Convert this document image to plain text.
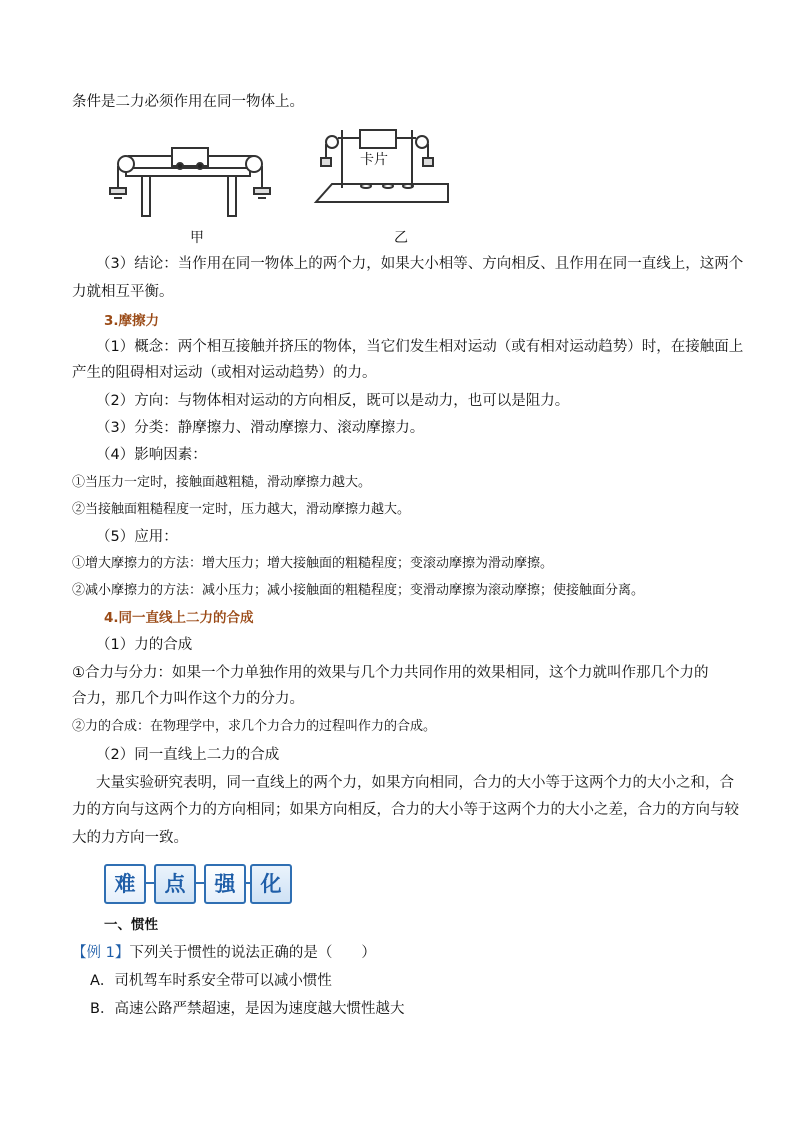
条件是二力必须作用在同一物体上。
卡片
甲	乙
（3）结论：当作用在同一物体上的两个力，如果大小相等、方向相反、且作用在同一直线上，这两个
力就相互平衡。
3.摩擦力
（1）概念：两个相互接触并挤压的物体，当它们发生相对运动（或有相对运动趋势）时，在接触面上
产生的阻碍相对运动（或相对运动趋势）的力。
（2）方向：与物体相对运动的方向相反，既可以是动力，也可以是阻力。
（3）分类：静摩擦力、滑动摩擦力、滚动摩擦力。
（4）影响因素：
①当压力一定时，接触面越粗糙，滑动摩擦力越大。
②当接触面粗糙程度一定时，压力越大，滑动摩擦力越大。
（5）应用：
①增大摩擦力的方法：增大压力；增大接触面的粗糙程度；变滚动摩擦为滑动摩擦。
②减小摩擦力的方法：减小压力；减小接触面的粗糙程度；变滑动摩擦为滚动摩擦；使接触面分离。
4.同一直线上二力的合成
（1）力的合成
①合力与分力：如果一个力单独作用的效果与几个力共同作用的效果相同，这个力就叫作那几个力的
合力，那几个力叫作这个力的分力。
②力的合成：在物理学中，求几个力合力的过程叫作力的合成。
（2）同一直线上二力的合成
大量实验研究表明，同一直线上的两个力，如果方向相同，合力的大小等于这两个力的大小之和，合
力的方向与这两个力的方向相同；如果方向相反，合力的大小等于这两个力的大小之差，合力的方向与较
大的力方向一致。
难	点	强	化
一、惯性
【例 1】下列关于惯性的说法正确的是（　　）
A．司机驾车时系安全带可以减小惯性
B．高速公路严禁超速，是因为速度越大惯性越大
